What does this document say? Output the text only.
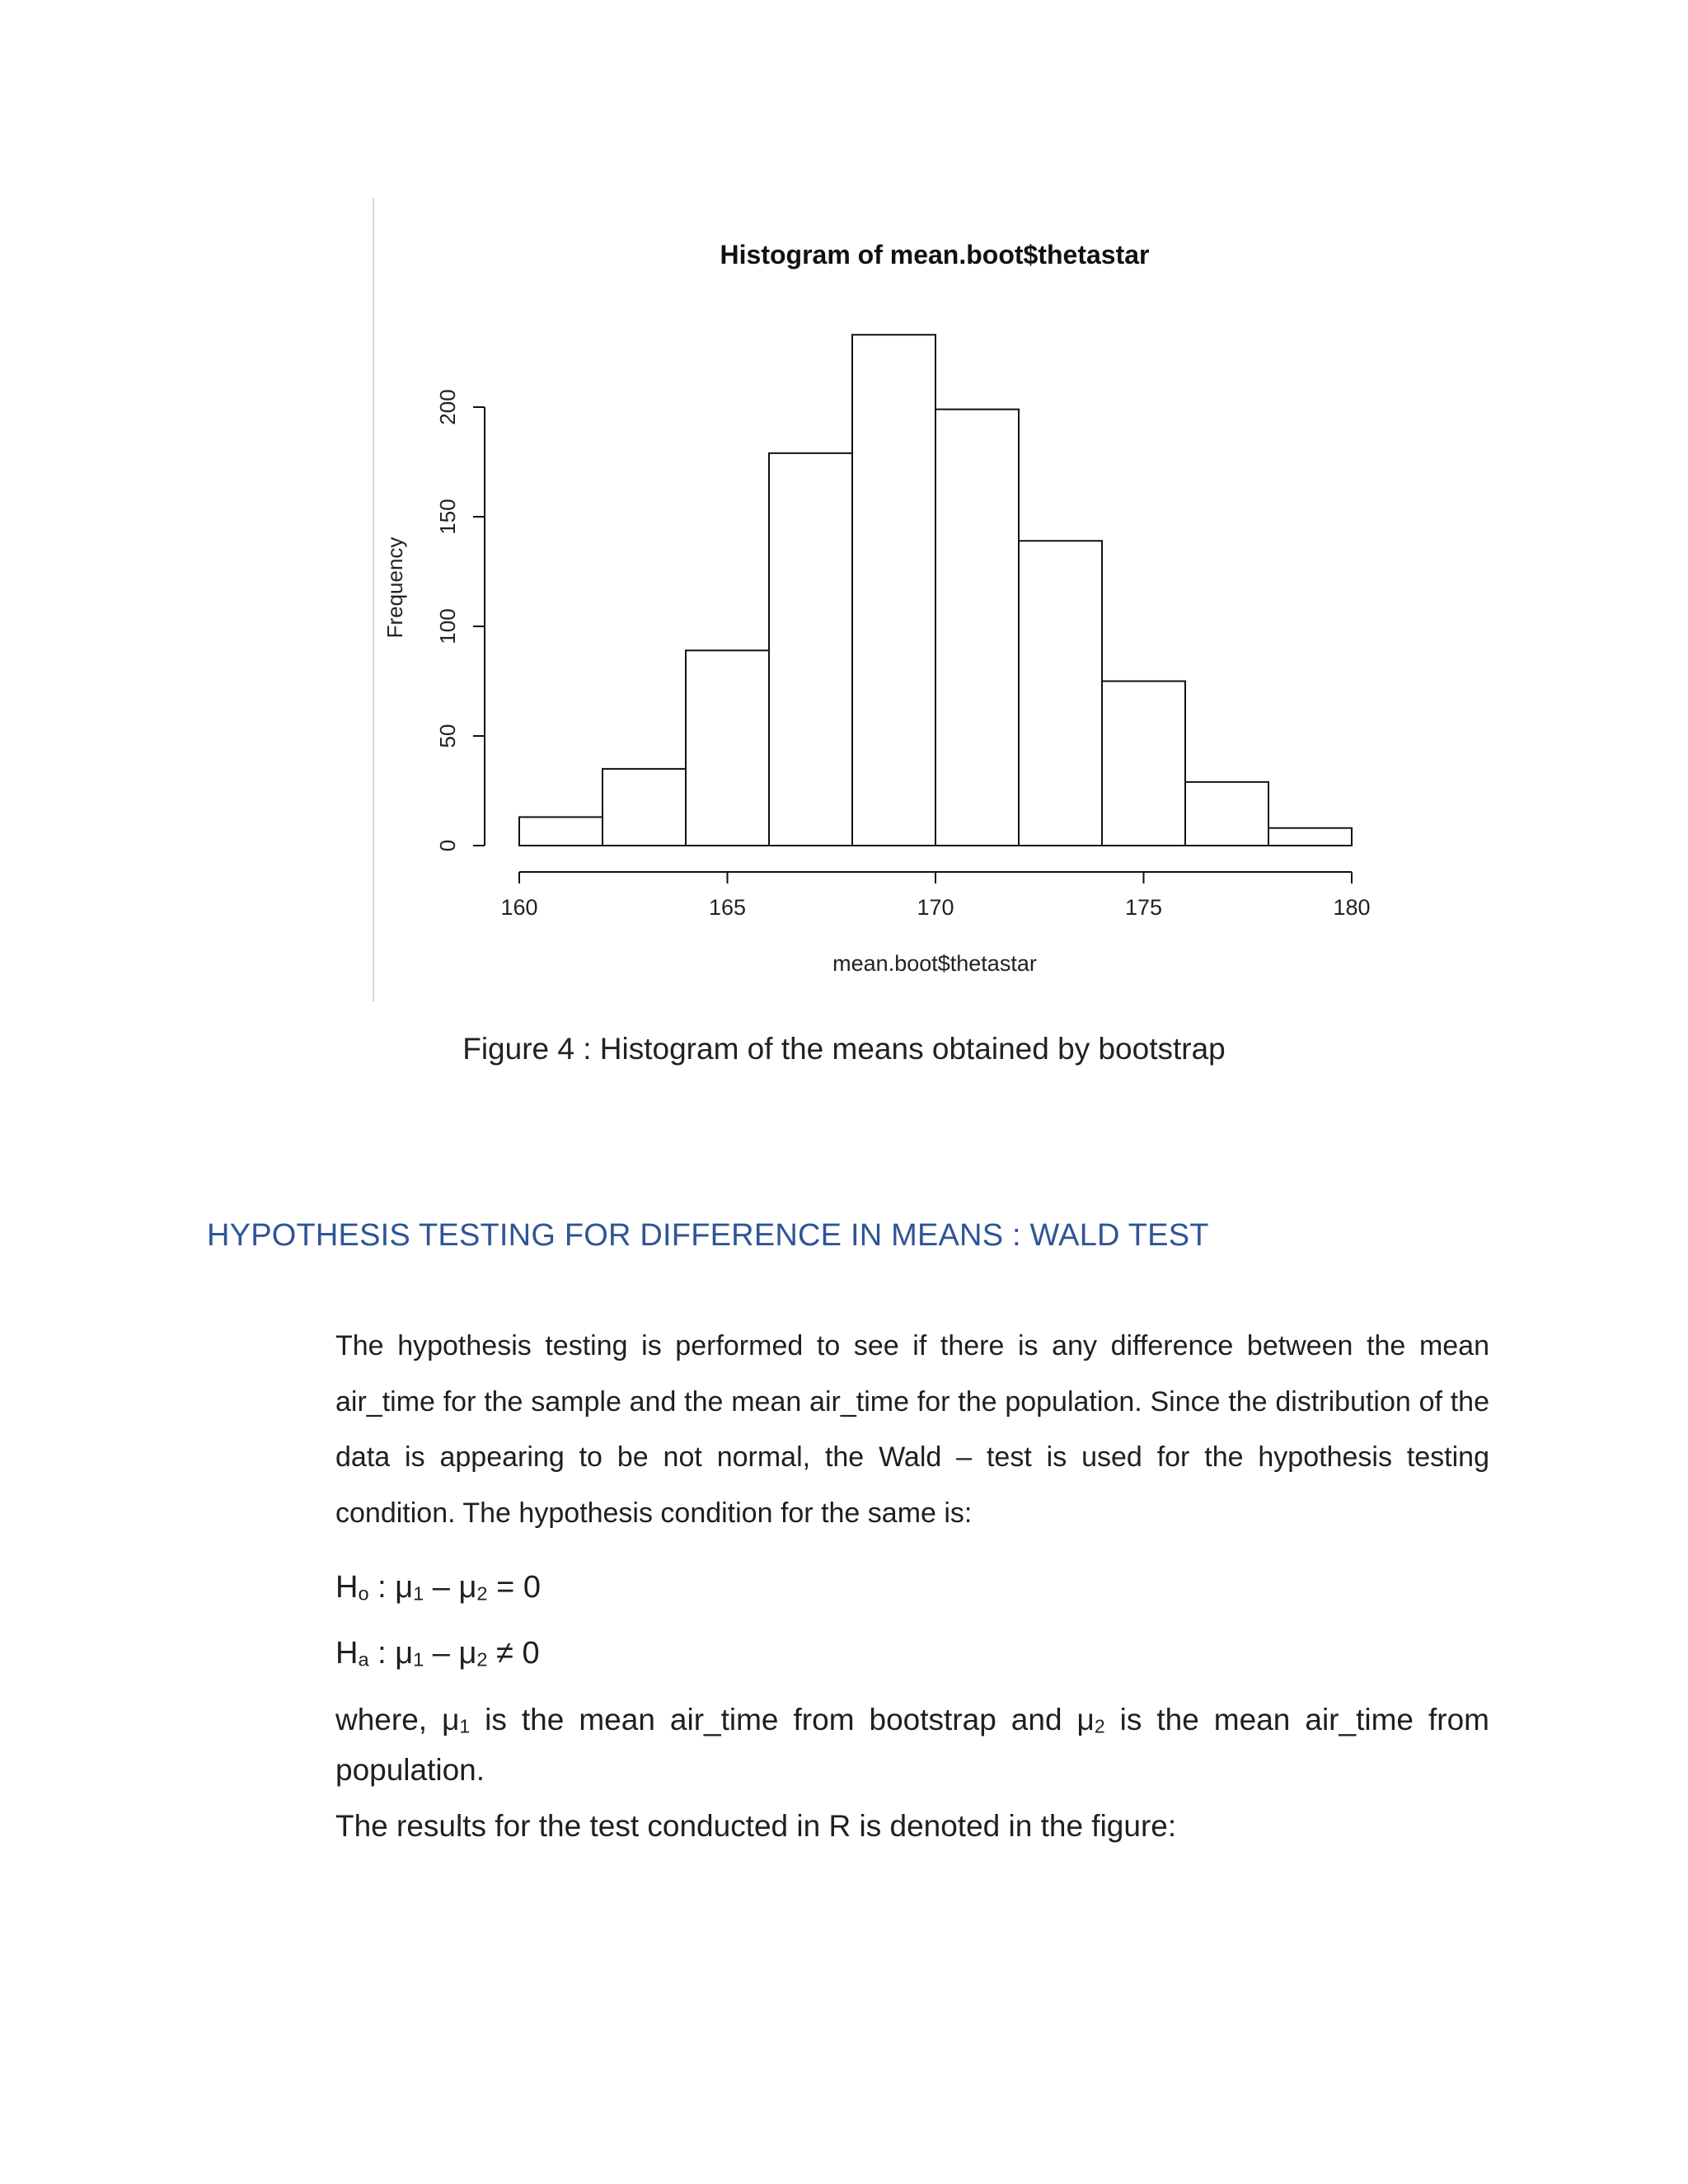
Histogram of mean.boot$thetastar
Frequency
mean.boot$thetastar
160	165	170	175	180
0
50
100
150
200
Figure 4 : Histogram of the means obtained by bootstrap
HYPOTHESIS TESTING FOR DIFFERENCE IN MEANS : WALD TEST
The hypothesis testing is performed to see if there is any difference between the mean air_time for the sample and the mean air_time for the population. Since the distribution of the data is appearing to be not normal, the Wald – test is used for the hypothesis testing condition. The hypothesis condition for the same is:
$H_o$ : $\mu_1 - \mu_2 = 0$
$H_a$ : $\mu_1 - \mu_2 \ne 0$
where, $\mu_1$ is the mean air_time from bootstrap and $\mu_2$ is the mean air_time from population.
The results for the test conducted in R is denoted in the figure:
